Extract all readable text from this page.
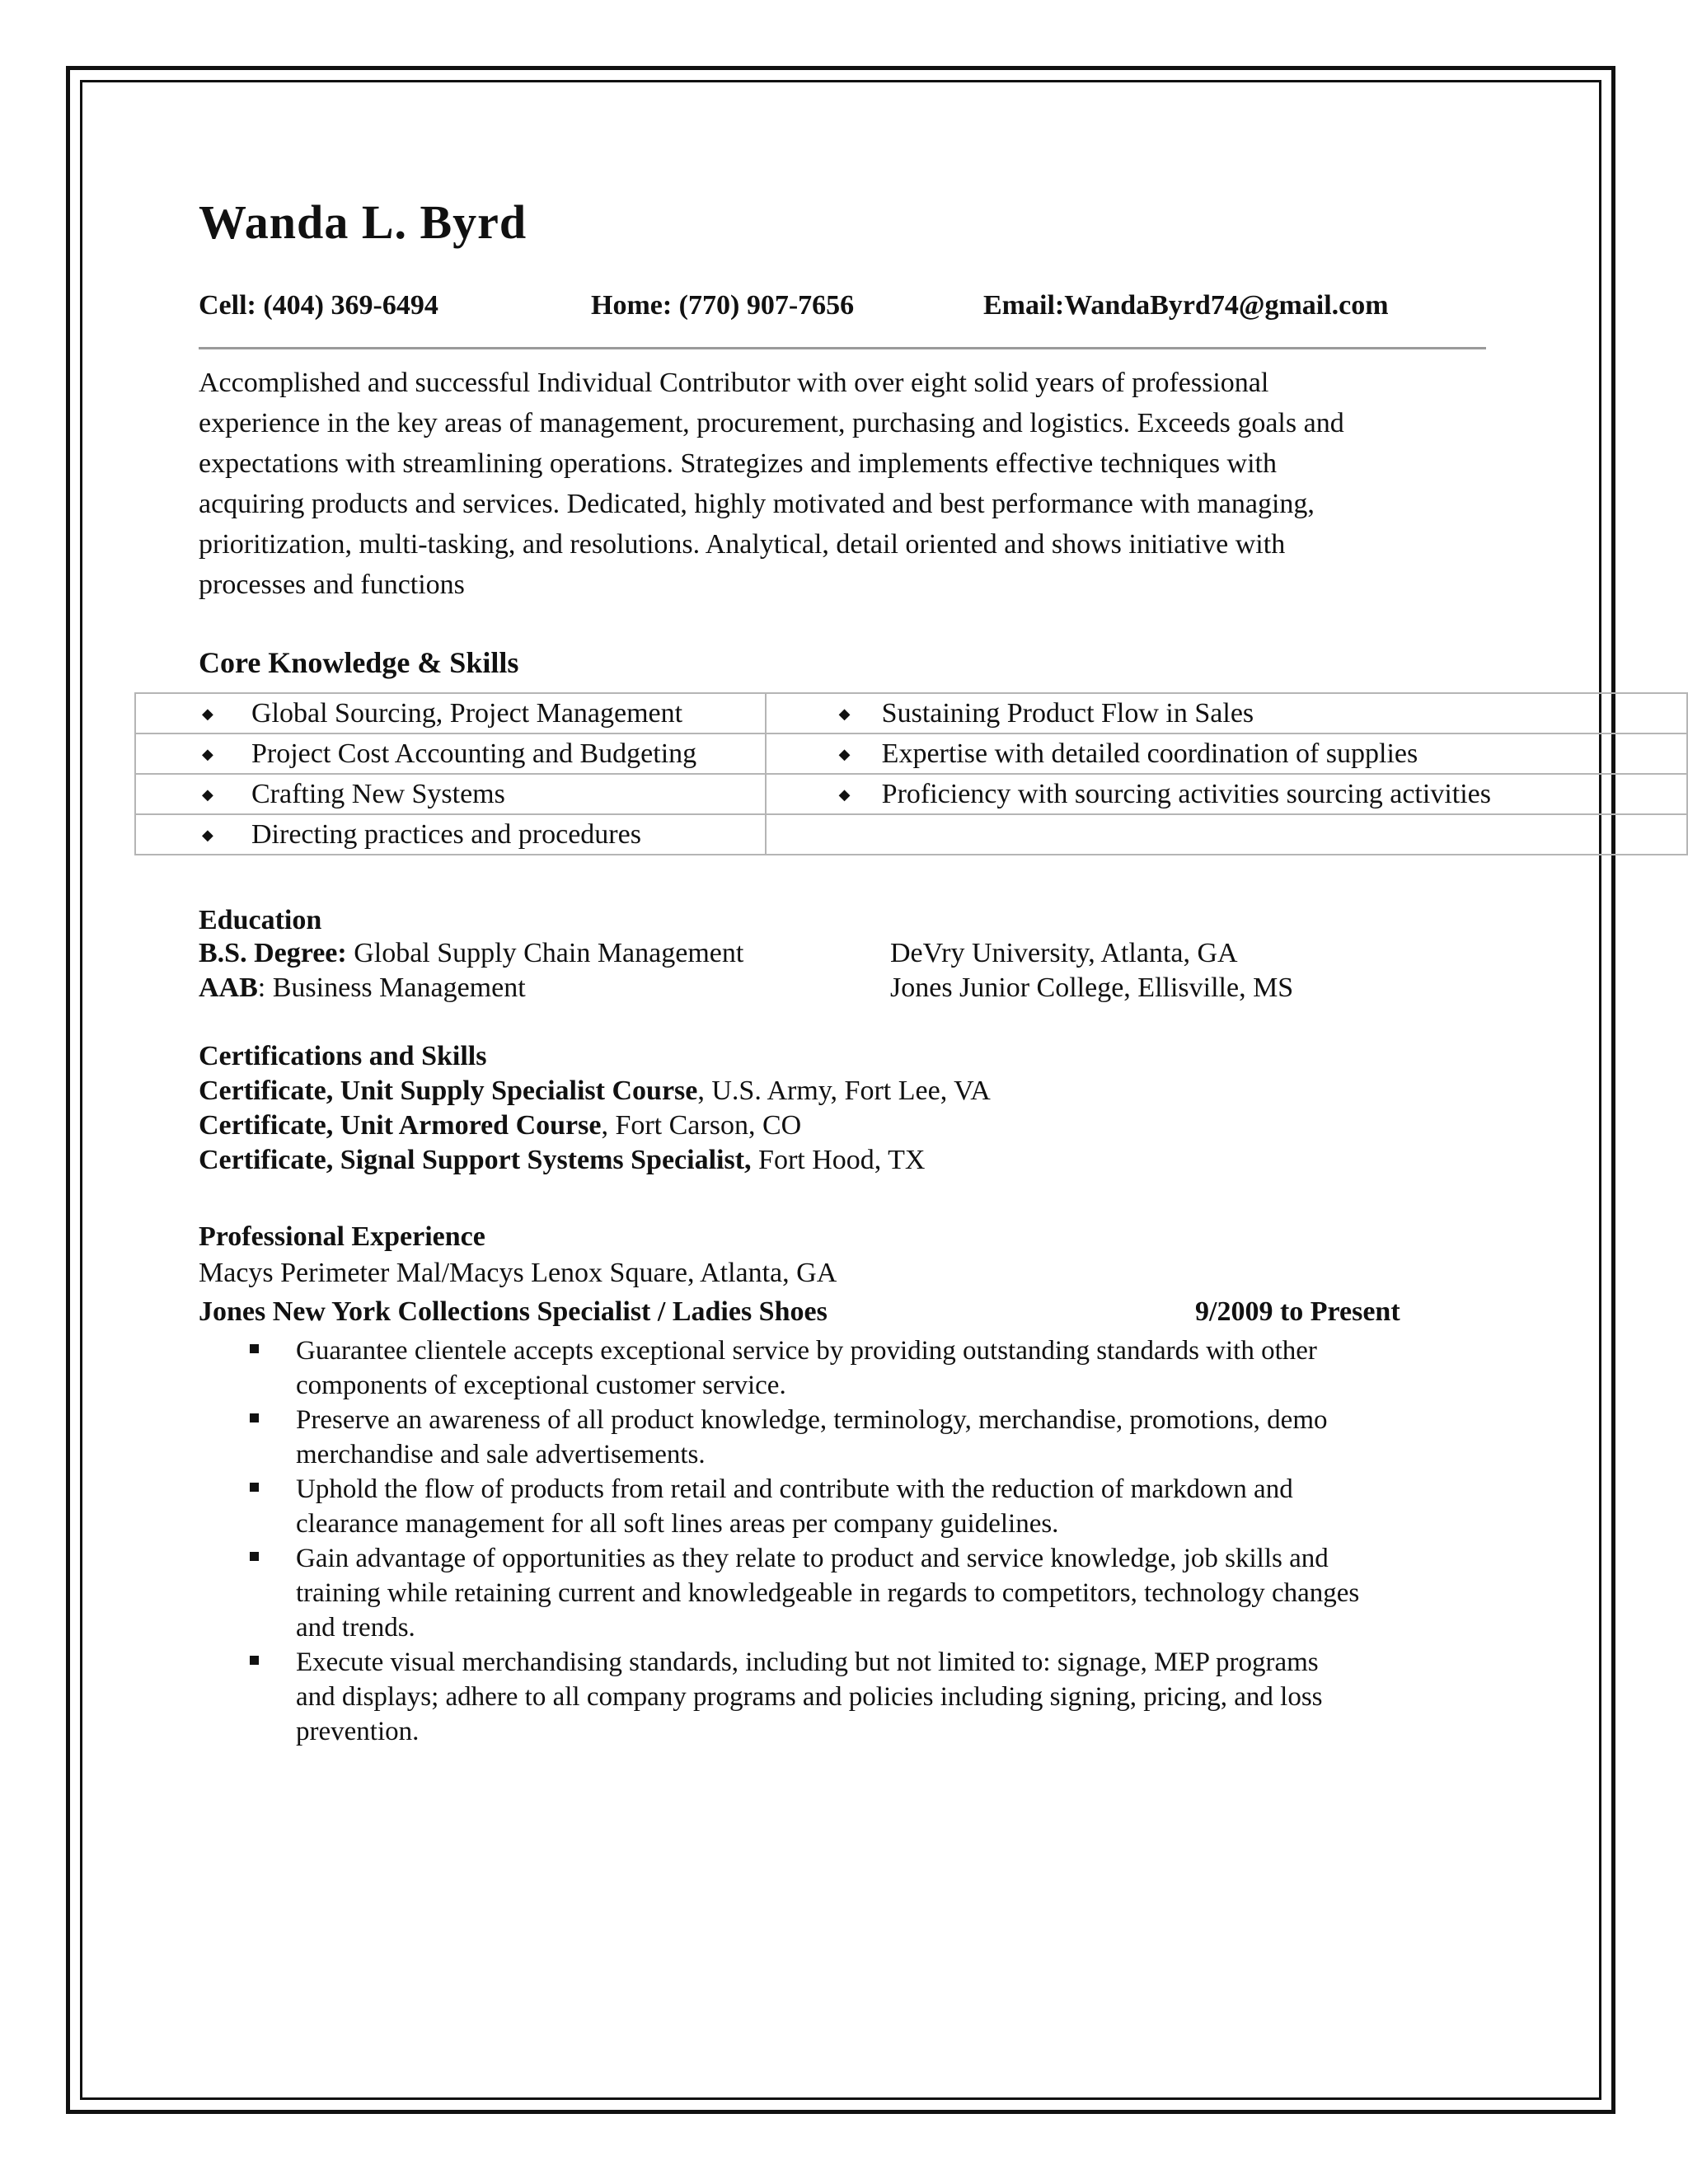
Wanda L. Byrd
Cell: (404) 369-6494	Home: (770) 907-7656	Email:WandaByrd74@gmail.com
Accomplished and successful Individual Contributor with over eight solid years of professional
experience in the key areas of management, procurement, purchasing and logistics. Exceeds goals and
expectations with streamlining operations. Strategizes and implements effective techniques with
acquiring products and services. Dedicated, highly motivated and best performance with managing,
prioritization, multi-tasking, and resolutions. Analytical, detail oriented and shows initiative with
processes and functions
Core Knowledge & Skills
◆ Global Sourcing, Project Management	◆ Sustaining Product Flow in Sales

◆ Project Cost Accounting and Budgeting	◆ Expertise with detailed coordination of supplies

◆ Crafting New Systems	◆ Proficiency with sourcing activities sourcing activities

◆ Directing practices and procedures	
Education
B.S. Degree: Global Supply Chain Management	DeVry University, Atlanta, GA
AAB: Business Management	Jones Junior College, Ellisville, MS
Certifications and Skills
Certificate, Unit Supply Specialist Course, U.S. Army, Fort Lee, VA
Certificate, Unit Armored Course, Fort Carson, CO
Certificate, Signal Support Systems Specialist, Fort Hood, TX
Professional Experience
Macys Perimeter Mal/Macys Lenox Square, Atlanta, GA
Jones New York Collections Specialist / Ladies Shoes	9/2009 to Present
Guarantee clientele accepts exceptional service by providing outstanding standards with other
components of exceptional customer service.
Preserve an awareness of all product knowledge, terminology, merchandise, promotions, demo
merchandise and sale advertisements.
Uphold the flow of products from retail and contribute with the reduction of markdown and
clearance management for all soft lines areas per company guidelines.
Gain advantage of opportunities as they relate to product and service knowledge, job skills and
training while retaining current and knowledgeable in regards to competitors, technology changes
and trends.
Execute visual merchandising standards, including but not limited to: signage, MEP programs
and displays; adhere to all company programs and policies including signing, pricing, and loss
prevention.
